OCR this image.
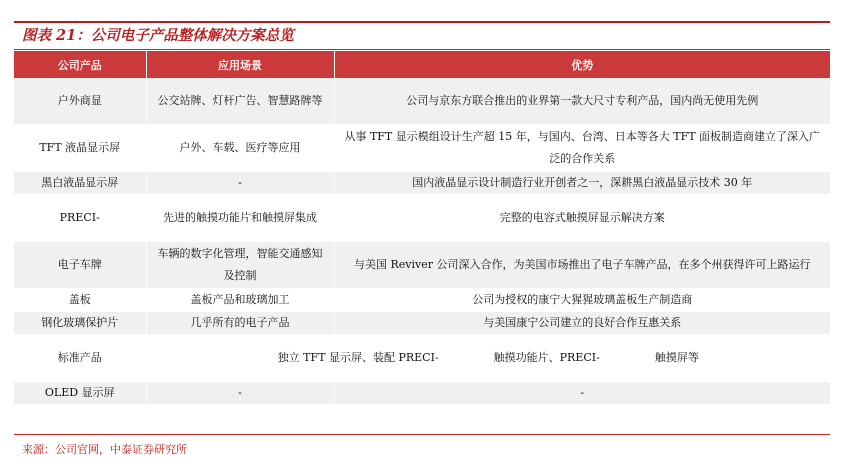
图表 21：公司电子产品整体解决方案总览
公司产品	应用场景	优势
户外商显	公交站牌、灯杆广告、智慧路牌等	公司与京东方联合推出的业界第一款大尺寸专利产品，国内尚无使用先例
TFT 液晶显示屏	户外、车载、医疗等应用	从事 TFT 显示模组设计生产超 15 年，与国内、台湾、日本等各大 TFT 面板制造商建立了深入广泛的合作关系
黑白液晶显示屏	-	国内液晶显示设计制造行业开创者之一，深耕黑白液晶显示技术 30 年
PRECI-	先进的触摸功能片和触摸屏集成	完整的电容式触摸屏显示解决方案
电子车牌	车辆的数字化管理，智能交通感知及控制	与美国 Reviver 公司深入合作，为美国市场推出了电子车牌产品，在多个州获得许可上路运行
盖板	盖板产品和玻璃加工	公司为授权的康宁大猩猩玻璃盖板生产制造商
钢化玻璃保护片	几乎所有的电子产品	与美国康宁公司建立的良好合作互惠关系
标准产品	独立 TFT 显示屏、装配 PRECI-　　　　　触摸功能片、PRECI-　　　　　触摸屏等	
OLED 显示屏	-	-
来源：公司官网，中泰证券研究所
